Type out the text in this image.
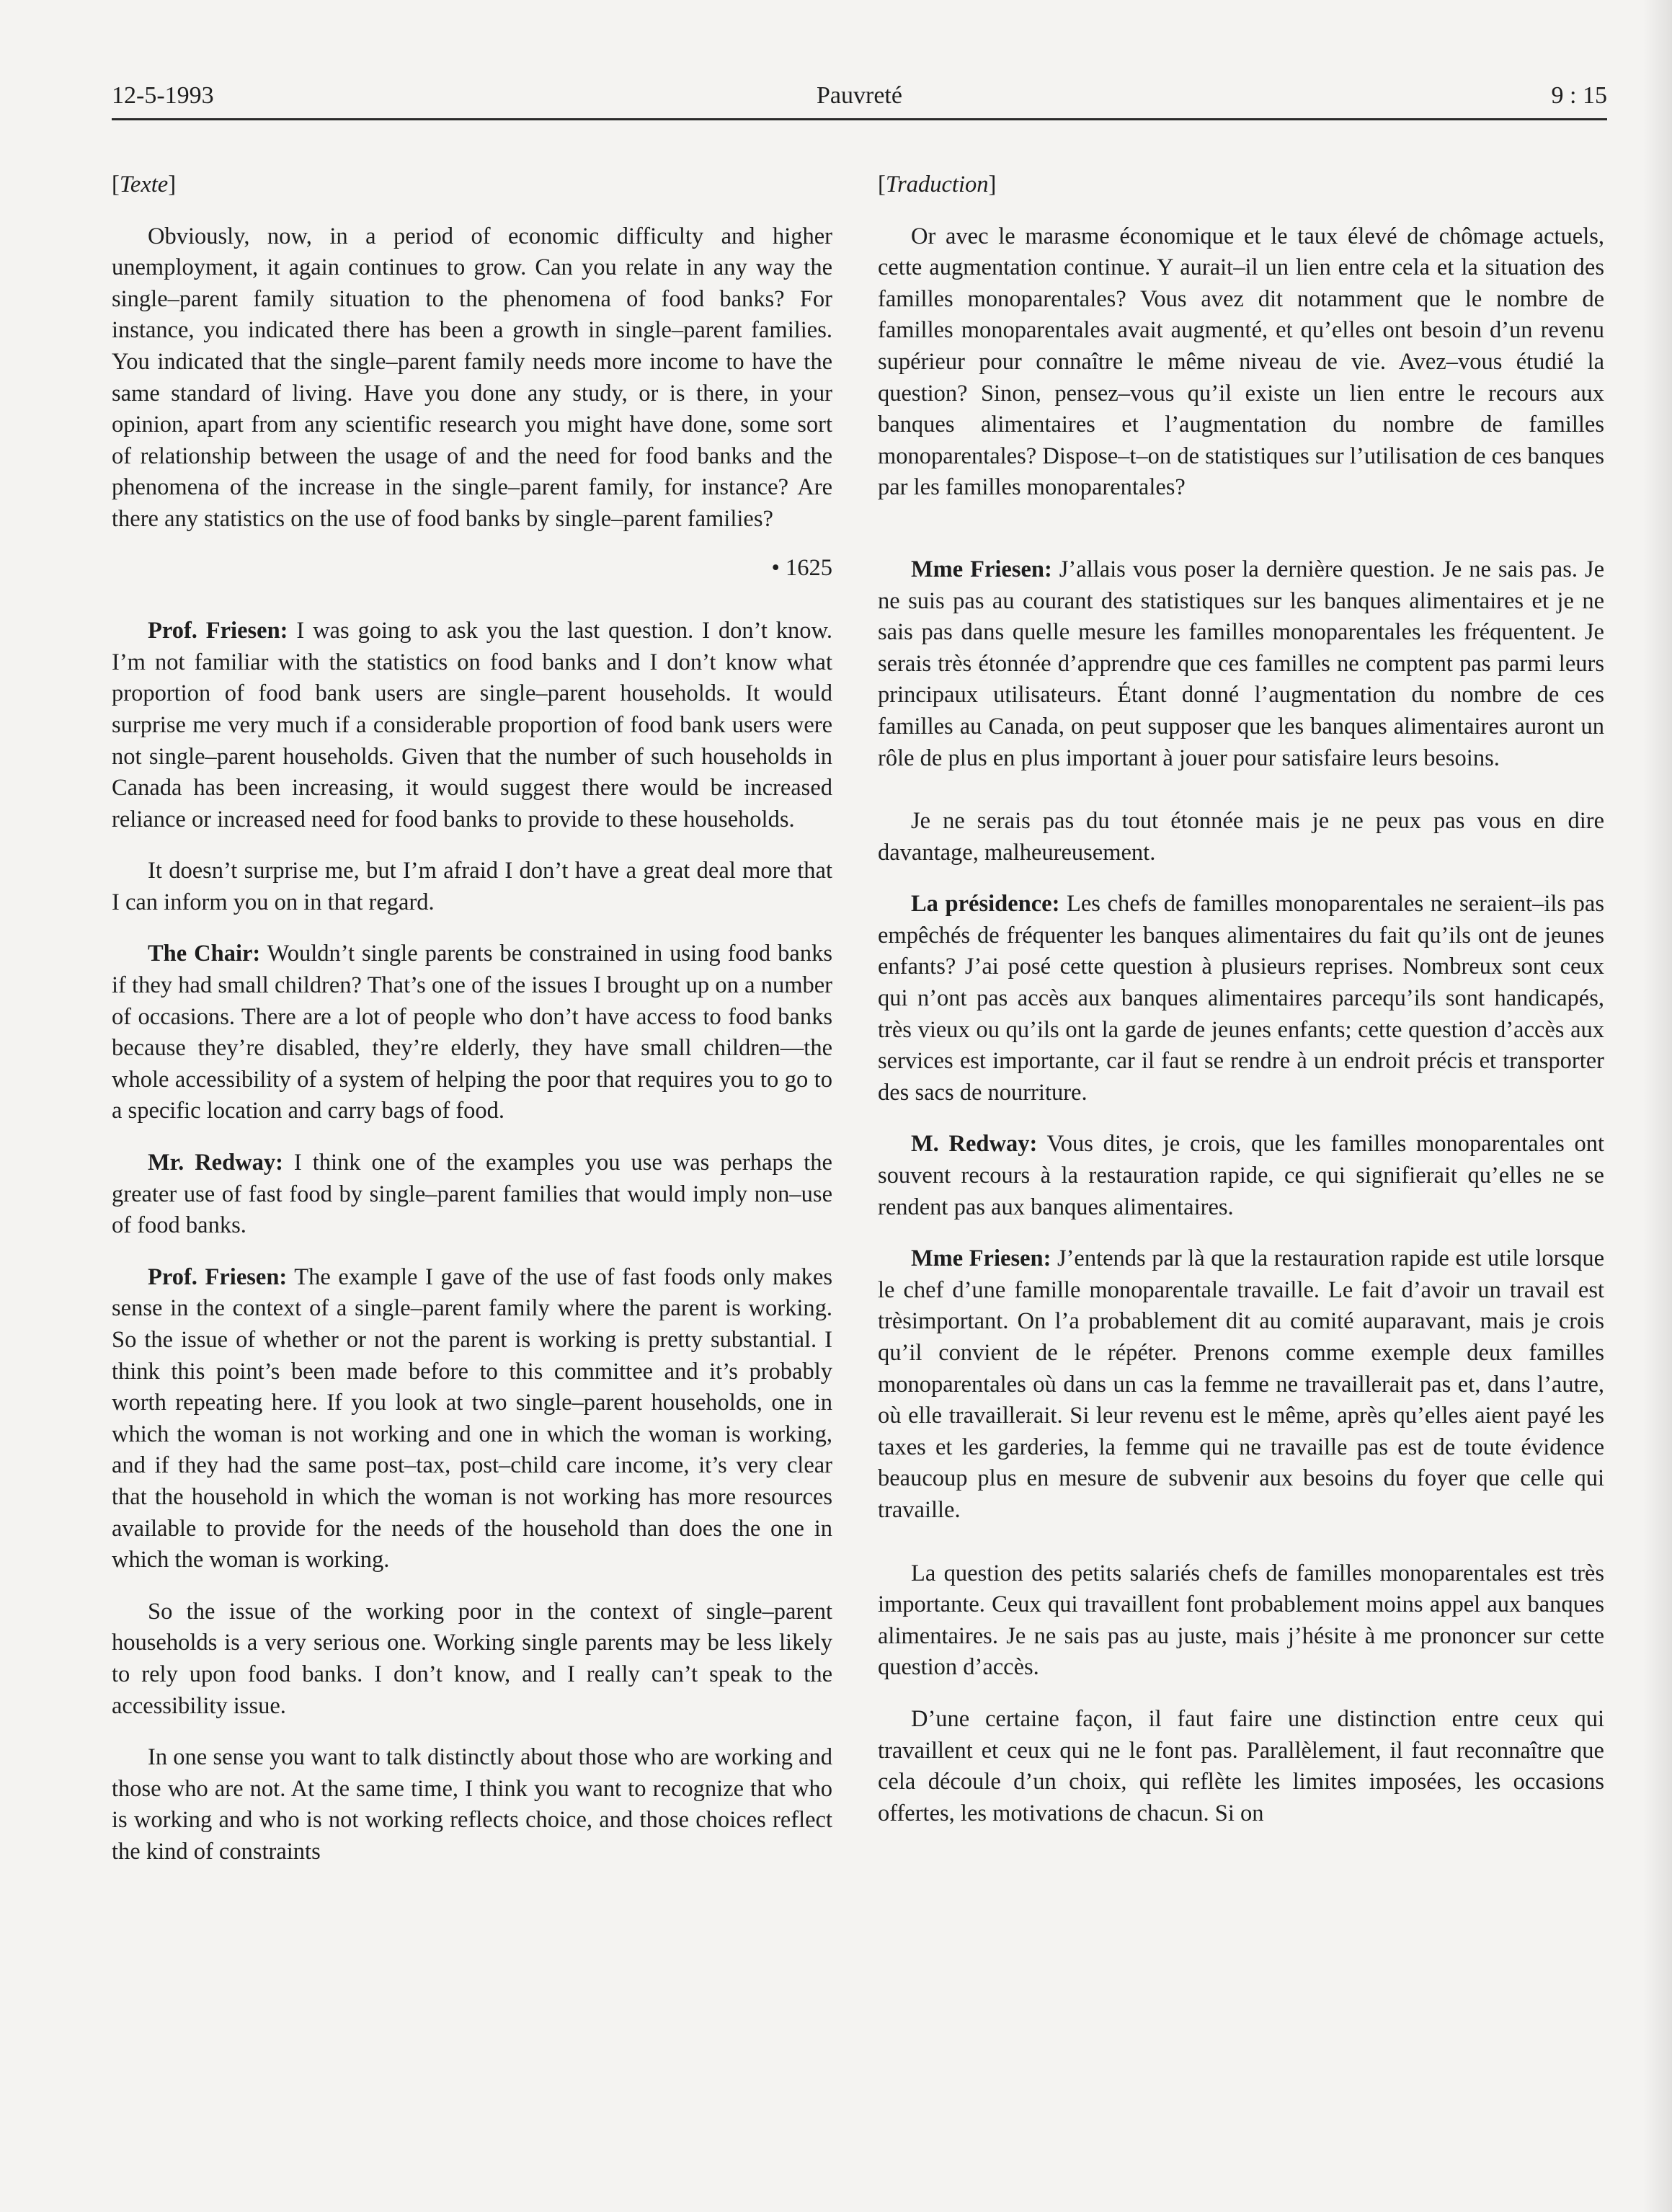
12-5-1993	Pauvreté	9 : 15

[Texte]

Obviously, now, in a period of economic difficulty and higher unemployment, it again continues to grow. Can you relate in any way the single–parent family situation to the phenomena of food banks? For instance, you indicated there has been a growth in single–parent families. You indicated that the single–parent family needs more income to have the same standard of living. Have you done any study, or is there, in your opinion, apart from any scientific research you might have done, some sort of relationship between the usage of and the need for food banks and the phenomena of the increase in the single–parent family, for instance? Are there any statistics on the use of food banks by single–parent families?

• 1625

Prof. Friesen: I was going to ask you the last question. I don’t know. I’m not familiar with the statistics on food banks and I don’t know what proportion of food bank users are single–parent households. It would surprise me very much if a considerable proportion of food bank users were not single–parent households. Given that the number of such households in Canada has been increasing, it would suggest there would be increased reliance or increased need for food banks to provide to these households.

It doesn’t surprise me, but I’m afraid I don’t have a great deal more that I can inform you on in that regard.

The Chair: Wouldn’t single parents be constrained in using food banks if they had small children? That’s one of the issues I brought up on a number of occasions. There are a lot of people who don’t have access to food banks because they’re disabled, they’re elderly, they have small children—the whole accessibility of a system of helping the poor that requires you to go to a specific location and carry bags of food.

Mr. Redway: I think one of the examples you use was perhaps the greater use of fast food by single–parent families that would imply non–use of food banks.

Prof. Friesen: The example I gave of the use of fast foods only makes sense in the context of a single–parent family where the parent is working. So the issue of whether or not the parent is working is pretty substantial. I think this point’s been made before to this committee and it’s probably worth repeating here. If you look at two single–parent households, one in which the woman is not working and one in which the woman is working, and if they had the same post–tax, post–child care income, it’s very clear that the household in which the woman is not working has more resources available to provide for the needs of the household than does the one in which the woman is working.

So the issue of the working poor in the context of single–parent households is a very serious one. Working single parents may be less likely to rely upon food banks. I don’t know, and I really can’t speak to the accessibility issue.

In one sense you want to talk distinctly about those who are working and those who are not. At the same time, I think you want to recognize that who is working and who is not working reflects choice, and those choices reflect the kind of constraints

[Traduction]

Or avec le marasme économique et le taux élevé de chômage actuels, cette augmentation continue. Y aurait–il un lien entre cela et la situation des familles monoparentales? Vous avez dit notamment que le nombre de familles monoparentales avait augmenté, et qu’elles ont besoin d’un revenu supérieur pour connaître le même niveau de vie. Avez–vous étudié la question? Sinon, pensez–vous qu’il existe un lien entre le recours aux banques alimentaires et l’augmentation du nombre de familles monoparentales? Dispose–t–on de statistiques sur l’utilisation de ces banques par les familles monoparentales?

Mme Friesen: J’allais vous poser la dernière question. Je ne sais pas. Je ne suis pas au courant des statistiques sur les banques alimentaires et je ne sais pas dans quelle mesure les familles monoparentales les fréquentent. Je serais très étonnée d’apprendre que ces familles ne comptent pas parmi leurs principaux utilisateurs. Étant donné l’augmentation du nombre de ces familles au Canada, on peut supposer que les banques alimentaires auront un rôle de plus en plus important à jouer pour satisfaire leurs besoins.

Je ne serais pas du tout étonnée mais je ne peux pas vous en dire davantage, malheureusement.

La présidence: Les chefs de familles monoparentales ne seraient–ils pas empêchés de fréquenter les banques alimentaires du fait qu’ils ont de jeunes enfants? J’ai posé cette question à plusieurs reprises. Nombreux sont ceux qui n’ont pas accès aux banques alimentaires parcequ’ils sont handicapés, très vieux ou qu’ils ont la garde de jeunes enfants; cette question d’accès aux services est importante, car il faut se rendre à un endroit précis et transporter des sacs de nourriture.

M. Redway: Vous dites, je crois, que les familles monoparentales ont souvent recours à la restauration rapide, ce qui signifierait qu’elles ne se rendent pas aux banques alimentaires.

Mme Friesen: J’entends par là que la restauration rapide est utile lorsque le chef d’une famille monoparentale travaille. Le fait d’avoir un travail est trèsimportant. On l’a probablement dit au comité auparavant, mais je crois qu’il convient de le répéter. Prenons comme exemple deux familles monoparentales où dans un cas la femme ne travaillerait pas et, dans l’autre, où elle travaillerait. Si leur revenu est le même, après qu’elles aient payé les taxes et les garderies, la femme qui ne travaille pas est de toute évidence beaucoup plus en mesure de subvenir aux besoins du foyer que celle qui travaille.

La question des petits salariés chefs de familles monoparentales est très importante. Ceux qui travaillent font probablement moins appel aux banques alimentaires. Je ne sais pas au juste, mais j’hésite à me prononcer sur cette question d’accès.

D’une certaine façon, il faut faire une distinction entre ceux qui travaillent et ceux qui ne le font pas. Parallèlement, il faut reconnaître que cela découle d’un choix, qui reflète les limites imposées, les occasions offertes, les motivations de chacun. Si on
